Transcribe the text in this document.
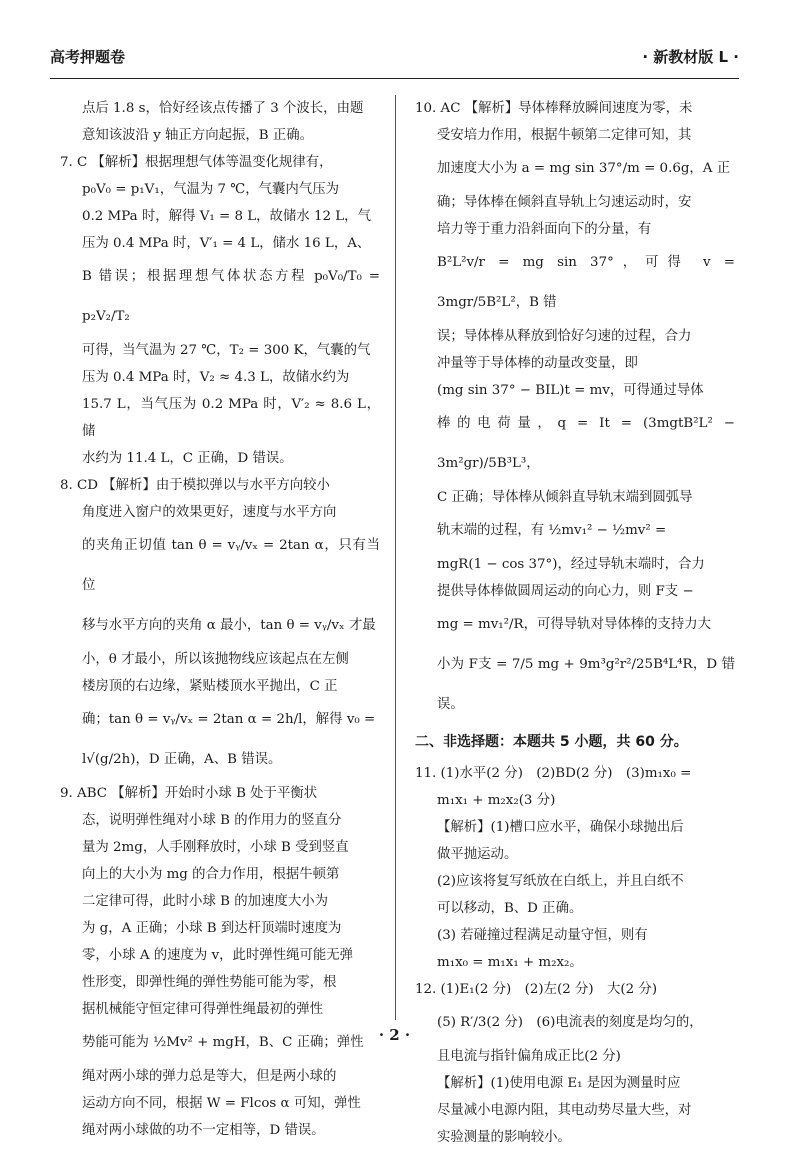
高考押题卷	· 新教材版 L ·

点后 1.8 s，恰好经该点传播了 3 个波长，由题

意知该波沿 y 轴正方向起振，B 正确。

7. C 【解析】根据理想气体等温变化规律有，

p₀V₀ = p₁V₁，气温为 7 ℃，气囊内气压为

0.2 MPa 时，解得 V₁ = 8 L，故储水 12 L，气

压为 0.4 MPa 时，V′₁ = 4 L，储水 16 L，A、

B 错误；根据理想气体状态方程 p₀V₀/T₀ = p₂V₂/T₂

可得，当气温为 27 ℃，T₂ = 300 K，气囊的气

压为 0.4 MPa 时，V₂ ≈ 4.3 L，故储水约为

15.7 L，当气压为 0.2 MPa 时，V′₂ ≈ 8.6 L，储

水约为 11.4 L，C 正确，D 错误。

8. CD 【解析】由于模拟弹以与水平方向较小

角度进入窗户的效果更好，速度与水平方向

的夹角正切值 tan θ = vᵧ/vₓ = 2tan α，只有当位

移与水平方向的夹角 α 最小，tan θ = vᵧ/vₓ 才最

小，θ 才最小，所以该抛物线应该起点在左侧

楼房顶的右边缘，紧贴楼顶水平抛出，C 正

确；tan θ = vᵧ/vₓ = 2tan α = 2h/l，解得 v₀ =

l√(g/2h)，D 正确，A、B 错误。

9. ABC 【解析】开始时小球 B 处于平衡状

态，说明弹性绳对小球 B 的作用力的竖直分

量为 2mg，人手刚释放时，小球 B 受到竖直

向上的大小为 mg 的合力作用，根据牛顿第

二定律可得，此时小球 B 的加速度大小为

为 g，A 正确；小球 B 到达杆顶端时速度为

零，小球 A 的速度为 v，此时弹性绳可能无弹

性形变，即弹性绳的弹性势能可能为零，根

据机械能守恒定律可得弹性绳最初的弹性

势能可能为 ½Mv² + mgH，B、C 正确；弹性

绳对两小球的弹力总是等大，但是两小球的

运动方向不同，根据 W = Flcos α 可知，弹性

绳对两小球做的功不一定相等，D 错误。

10. AC 【解析】导体棒释放瞬间速度为零，未

受安培力作用，根据牛顿第二定律可知，其

加速度大小为 a = mg sin 37°/m = 0.6g，A 正

确；导体棒在倾斜直导轨上匀速运动时，安

培力等于重力沿斜面向下的分量，有

B²L²v/r = mg sin 37°，可得 v = 3mgr/5B²L²，B 错

误；导体棒从释放到恰好匀速的过程，合力

冲量等于导体棒的动量改变量，即

(mg sin 37° − BIL)t = mv，可得通过导体

棒的电荷量，q = It = (3mgtB²L² − 3m²gr)/5B³L³，

C 正确；导体棒从倾斜直导轨末端到圆弧导

轨末端的过程，有 ½mv₁² − ½mv² =

mgR(1 − cos 37°)，经过导轨末端时，合力

提供导体棒做圆周运动的向心力，则 F支 −

mg = mv₁²/R，可得导轨对导体棒的支持力大

小为 F支 = 7/5 mg + 9m³g²r²/25B⁴L⁴R，D 错误。

二、非选择题：本题共 5 小题，共 60 分。

11. (1)水平(2 分)　(2)BD(2 分)　(3)m₁x₀ =

m₁x₁ + m₂x₂(3 分)

【解析】(1)槽口应水平，确保小球抛出后

做平抛运动。

(2)应该将复写纸放在白纸上，并且白纸不

可以移动，B、D 正确。

(3) 若碰撞过程满足动量守恒，则有

m₁x₀ = m₁x₁ + m₂x₂。

12. (1)E₁(2 分)　(2)左(2 分)　大(2 分)

(5) R′/3(2 分)　(6)电流表的刻度是均匀的，

且电流与指针偏角成正比(2 分)

【解析】(1)使用电源 E₁ 是因为测量时应

尽量减小电源内阻，其电动势尽量大些，对

实验测量的影响较小。

· 2 ·
